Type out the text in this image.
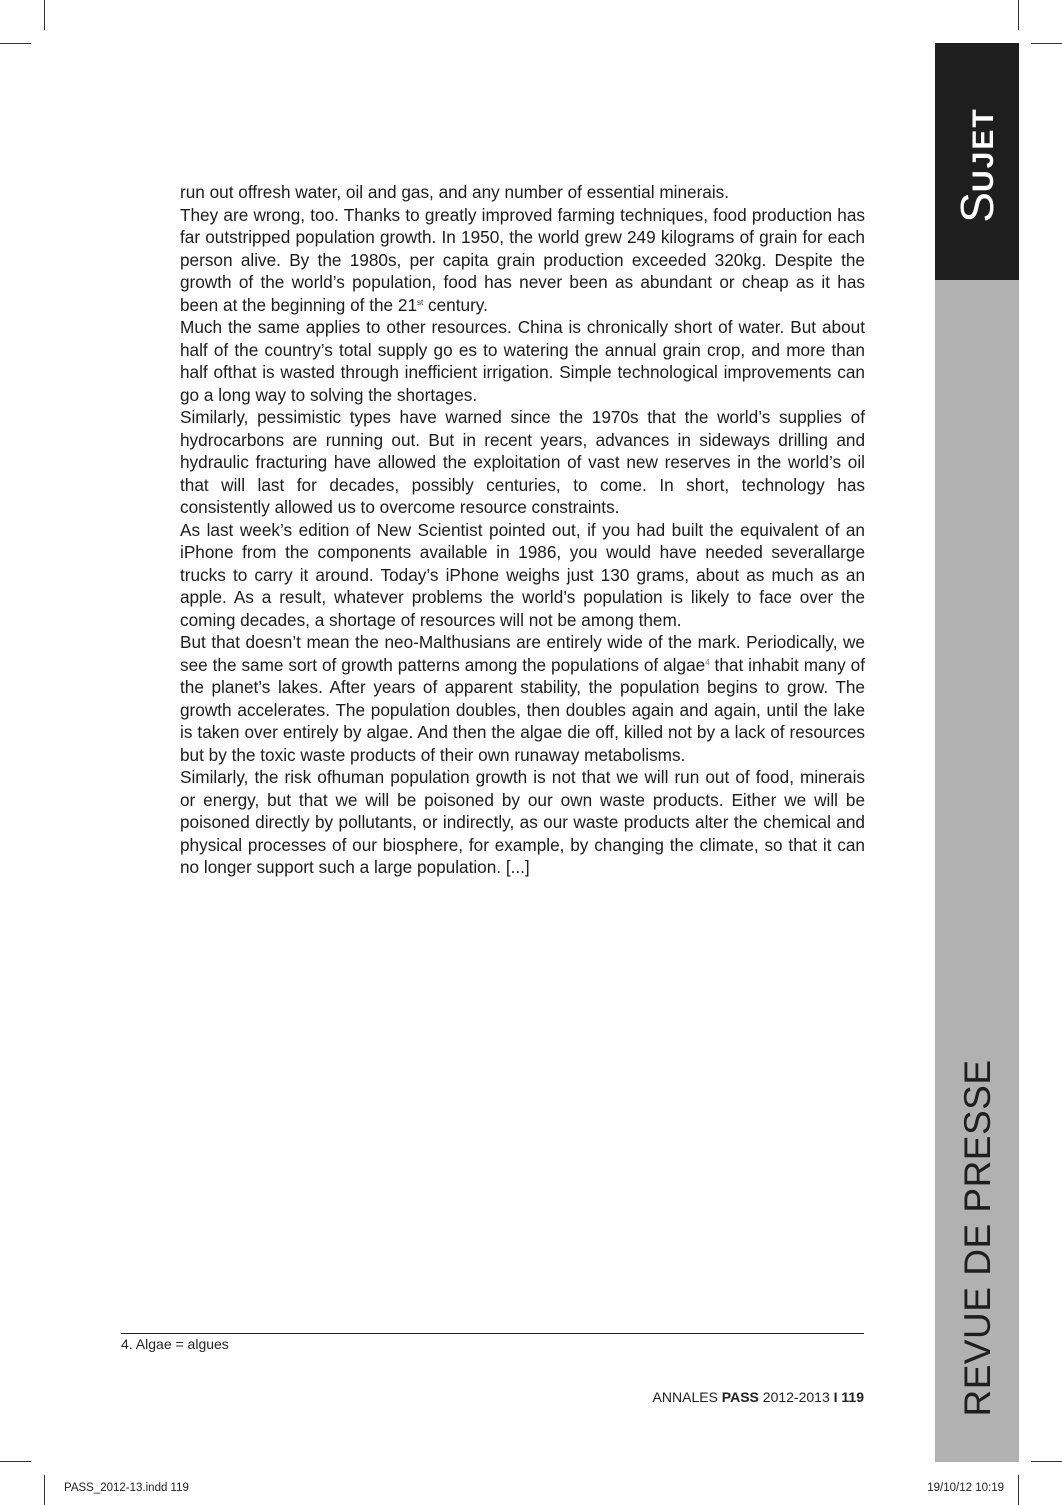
SUJET
REVUE DE PRESSE

run out offresh water, oil and gas, and any number of essential minerais.

They are wrong, too. Thanks to greatly improved farming techniques, food production has far outstripped population growth. In 1950, the world grew 249 kilograms of grain for each person alive. By the 1980s, per capita grain production exceeded 320kg. Despite the growth of the world’s population, food has never been as abundant or cheap as it has been at the beginning of the 21st century.

Much the same applies to other resources. China is chronically short of water. But about half of the country’s total supply go es to watering the annual grain crop, and more than half ofthat is wasted through inefficient irrigation. Simple technological improvements can go a long way to solving the shortages.

Similarly, pessimistic types have warned since the 1970s that the world’s supplies of hydrocarbons are running out. But in recent years, advances in sideways drilling and hydraulic fracturing have allowed the exploitation of vast new reserves in the world’s oil that will last for decades, possibly centuries, to come. In short, technology has consistently allowed us to overcome resource constraints.

As last week’s edition of New Scientist pointed out, if you had built the equivalent of an iPhone from the components available in 1986, you would have needed severallarge trucks to carry it around. Today’s iPhone weighs just 130 grams, about as much as an apple. As a result, whatever problems the world’s population is likely to face over the coming decades, a shortage of resources will not be among them.

But that doesn’t mean the neo-Malthusians are entirely wide of the mark. Periodically, we see the same sort of growth patterns among the populations of algae$^4$ that inhabit many of the planet’s lakes. After years of apparent stability, the population begins to grow. The growth accelerates. The population doubles, then doubles again and again, until the lake is taken over entirely by algae. And then the algae die off, killed not by a lack of resources but by the toxic waste products of their own runaway metabolisms.

Similarly, the risk ofhuman population growth is not that we will run out of food, minerais or energy, but that we will be poisoned by our own waste products. Either we will be poisoned directly by pollutants, or indirectly, as our waste products alter the chemical and physical processes of our biosphere, for example, by changing the climate, so that it can no longer support such a large population. [...]

4. Algae = algues
ANNALES PASS 2012-2013 I 119
PASS_2012-13.indd 119	19/10/12 10:19
